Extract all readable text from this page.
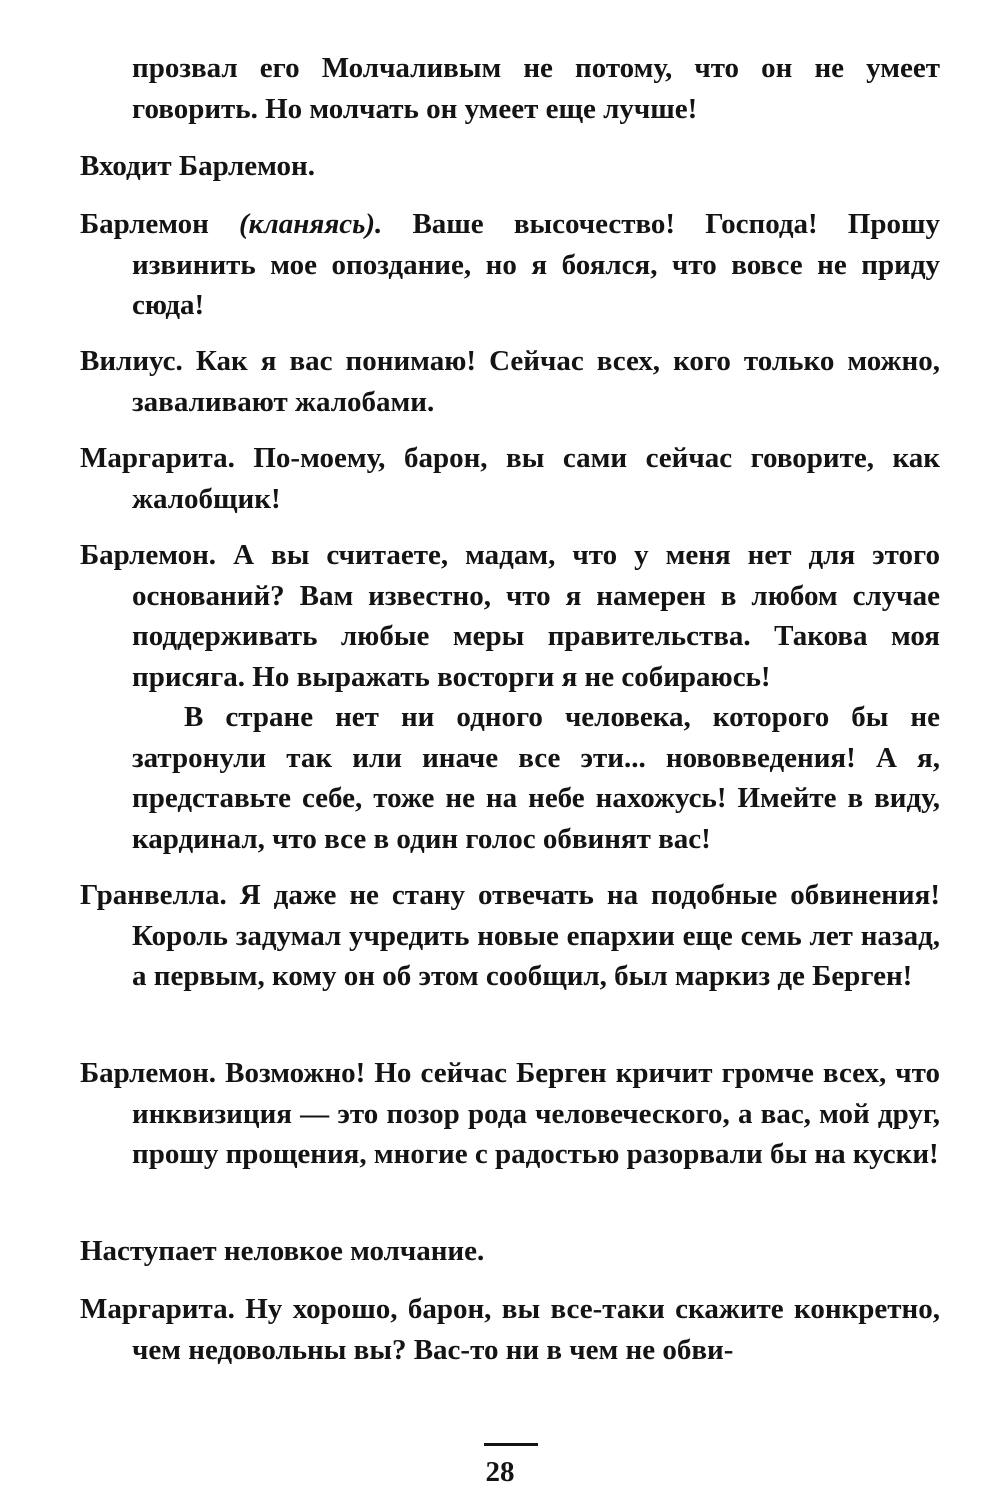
прозвал его Молчаливым не потому, что он не умеет говорить. Но молчать он умеет еще лучше!

Входит Барлемон.

Барлемон (кланяясь). Ваше высочество! Господа! Прошу извинить мое опоздание, но я боялся, что вовсе не приду сюда!

Вилиус. Как я вас понимаю! Сейчас всех, кого только можно, заваливают жалобами.

Маргарита. По-моему, барон, вы сами сейчас говорите, как жалобщик!

Барлемон. А вы считаете, мадам, что у меня нет для этого оснований? Вам известно, что я намерен в любом случае поддерживать любые меры правительства. Такова моя присяга. Но выражать восторги я не собираюсь!

В стране нет ни одного человека, которого бы не затронули так или иначе все эти... нововведения! А я, представьте себе, тоже не на небе нахожусь! Имейте в виду, кардинал, что все в один голос обвинят вас!

Гранвелла. Я даже не стану отвечать на подобные обвинения! Король задумал учредить новые епархии еще семь лет назад, а первым, кому он об этом сообщил, был маркиз де Берген!

Барлемон. Возможно! Но сейчас Берген кричит громче всех, что инквизиция — это позор рода человеческого, а вас, мой друг, прошу прощения, многие с радостью разорвали бы на куски!

Наступает неловкое молчание.

Маргарита. Ну хорошо, барон, вы все-таки скажите конкретно, чем недовольны вы? Вас-то ни в чем не обви-

28
